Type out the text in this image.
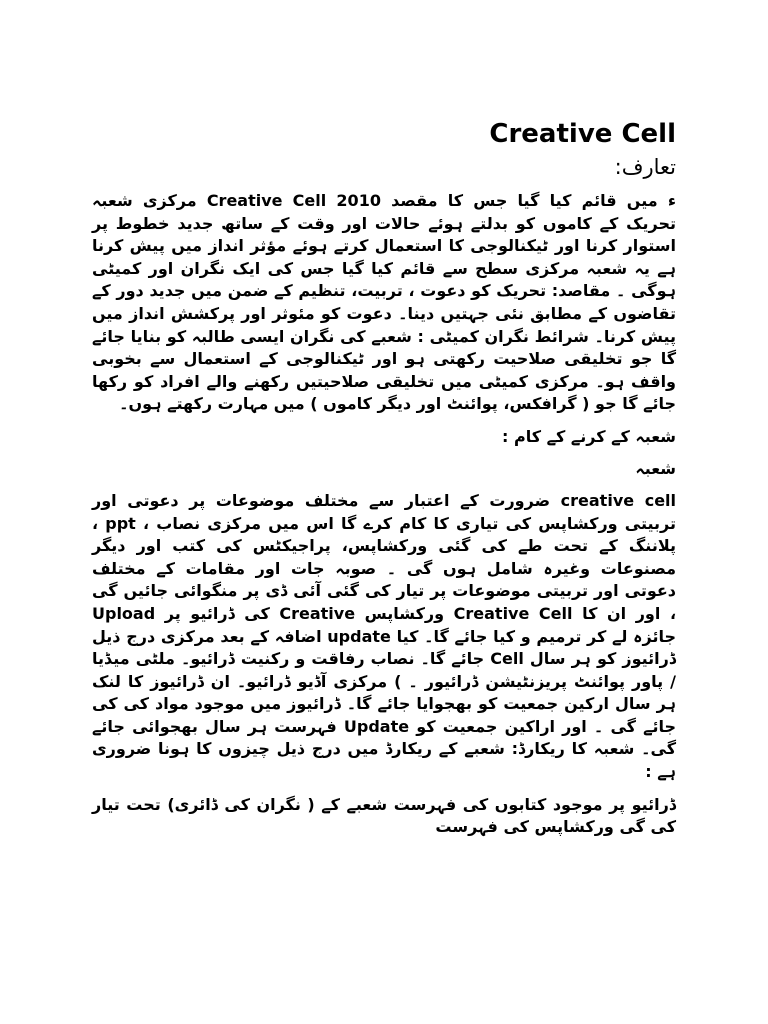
Creative Cell
تعارف:

ء میں قائم کیا گیا جس کا مقصد Creative Cell 2010 مرکزی شعبہ تحریک کے کاموں کو بدلتے ہوئے حالات اور وقت کے ساتھ جدید خطوط پر استوار کرنا اور ٹیکنالوجی کا استعمال کرتے ہوئے مؤثر انداز میں پیش کرنا ہے یہ شعبہ مرکزی سطح سے قائم کیا گیا جس کی ایک نگران اور کمیٹی ہوگی ۔ مقاصد: تحریک کو دعوت ، تربیت، تنظیم کے ضمن میں جدید دور کے تقاضوں کے مطابق نئی جہتیں دینا۔ دعوت کو مئوثر اور پرکشش انداز میں پیش کرنا۔ شرائط نگران کمیٹی : شعبے کی نگران ایسی طالبہ کو بنایا جائے گا جو تخلیقی صلاحیت رکھتی ہو اور ٹیکنالوجی کے استعمال سے بخوبی واقف ہو۔ مرکزی کمیٹی میں تخلیقی صلاحیتیں رکھنے والے افراد کو رکھا جائے گا جو ( گرافکس، پوائنٹ اور دیگر کاموں ) میں مہارت رکھتے ہوں۔

شعبہ کے کرنے کے کام :
شعبہ

creative cell ضرورت کے اعتبار سے مختلف موضوعات پر دعوتی اور تربیتی ورکشاپس کی تیاری کا کام کرے گا اس میں مرکزی نصاب ، ppt ، پلاننگ کے تحت طے کی گئی ورکشاپس، پراجیکٹس کی کتب اور دیگر مصنوعات وغیرہ شامل ہوں گی ۔ صوبہ جات اور مقامات کے مختلف دعوتی اور تربیتی موضوعات پر تیار کی گئی آئی ڈی پر منگوائی جائیں گی ، اور ان کا Creative Cell ورکشاپس Creative کی ڈرائیو پر Upload جائزہ لے کر ترمیم و کیا جائے گا۔ کیا update اضافہ کے بعد مرکزی درج ذیل ڈرائیوز کو ہر سال Cell جائے گا۔ نصاب رفاقت و رکنیت ڈرائیو۔ ملٹی میڈیا / پاور پوائنٹ پریزنٹیشن ڈرائیور ۔ ) مرکزی آڈیو ڈرائیو۔ ان ڈرائیوز کا لنک ہر سال ارکین جمعیت کو بھجوایا جائے گا۔ ڈرائیوز میں موجود مواد کی کی جائے گی ۔ اور اراکین جمعیت کو Update فہرست ہر سال بھجوائی جائے گی۔ شعبہ کا ریکارڈ: شعبے کے ریکارڈ میں درج ذیل چیزوں کا ہونا ضروری ہے :

ڈرائیو پر موجود کتابوں کی فہرست شعبے کے ( نگران کی ڈائری) تحت تیار کی گی ورکشاپس کی فہرست
